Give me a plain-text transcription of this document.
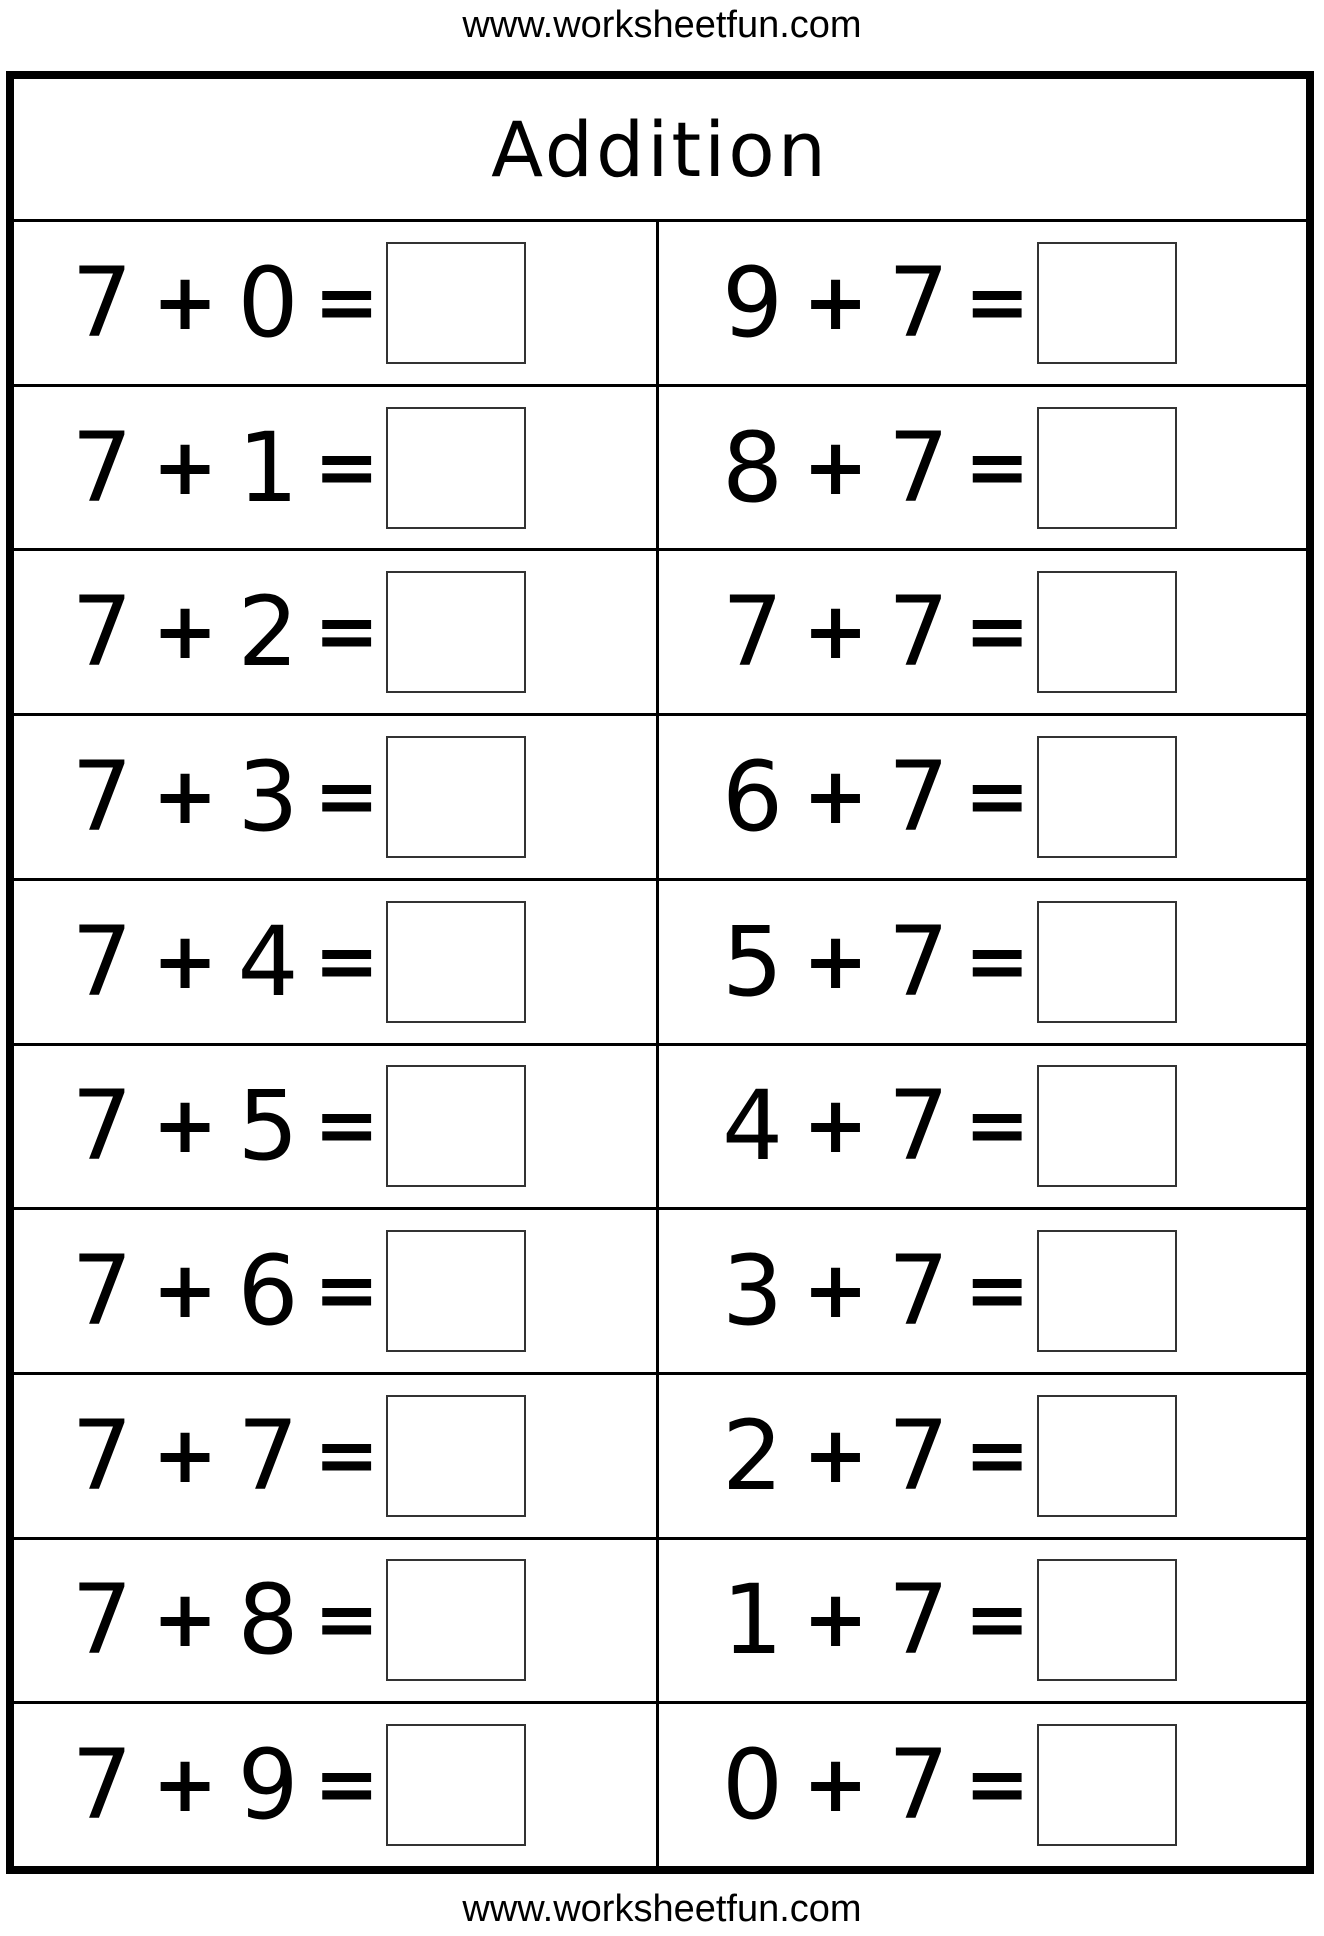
www.worksheetfun.com
Addition
7 + 0 =	9 + 7 =
7 + 1 =	8 + 7 =
7 + 2 =	7 + 7 =
7 + 3 =	6 + 7 =
7 + 4 =	5 + 7 =
7 + 5 =	4 + 7 =
7 + 6 =	3 + 7 =
7 + 7 =	2 + 7 =
7 + 8 =	1 + 7 =
7 + 9 =	0 + 7 =
www.worksheetfun.com
